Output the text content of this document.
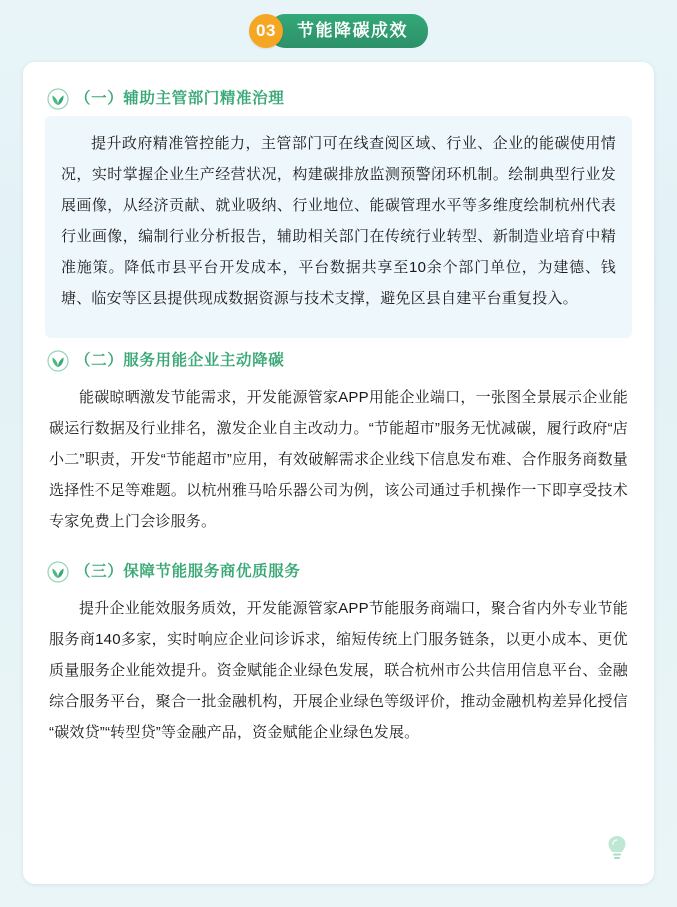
03	节能降碳成效
（一）辅助主管部门精准治理

提升政府精准管控能力，主管部门可在线查阅区域、行业、企业的能碳使用情况，实时掌握企业生产经营状况，构建碳排放监测预警闭环机制。绘制典型行业发展画像，从经济贡献、就业吸纳、行业地位、能碳管理水平等多维度绘制杭州代表行业画像，编制行业分析报告，辅助相关部门在传统行业转型、新制造业培育中精准施策。降低市县平台开发成本，平台数据共享至10余个部门单位，为建德、钱塘、临安等区县提供现成数据资源与技术支撑，避免区县自建平台重复投入。

（二）服务用能企业主动降碳

能碳晾晒激发节能需求，开发能源管家APP用能企业端口，一张图全景展示企业能碳运行数据及行业排名，激发企业自主改动力。“节能超市”服务无忧减碳，履行政府“店小二”职责，开发“节能超市”应用，有效破解需求企业线下信息发布难、合作服务商数量选择性不足等难题。以杭州雅马哈乐器公司为例，该公司通过手机操作一下即享受技术专家免费上门会诊服务。

（三）保障节能服务商优质服务

提升企业能效服务质效，开发能源管家APP节能服务商端口，聚合省内外专业节能服务商140多家，实时响应企业问诊诉求，缩短传统上门服务链条，以更小成本、更优质量服务企业能效提升。资金赋能企业绿色发展，联合杭州市公共信用信息平台、金融综合服务平台，聚合一批金融机构，开展企业绿色等级评价，推动金融机构差异化授信“碳效贷”“转型贷”等金融产品，资金赋能企业绿色发展。
